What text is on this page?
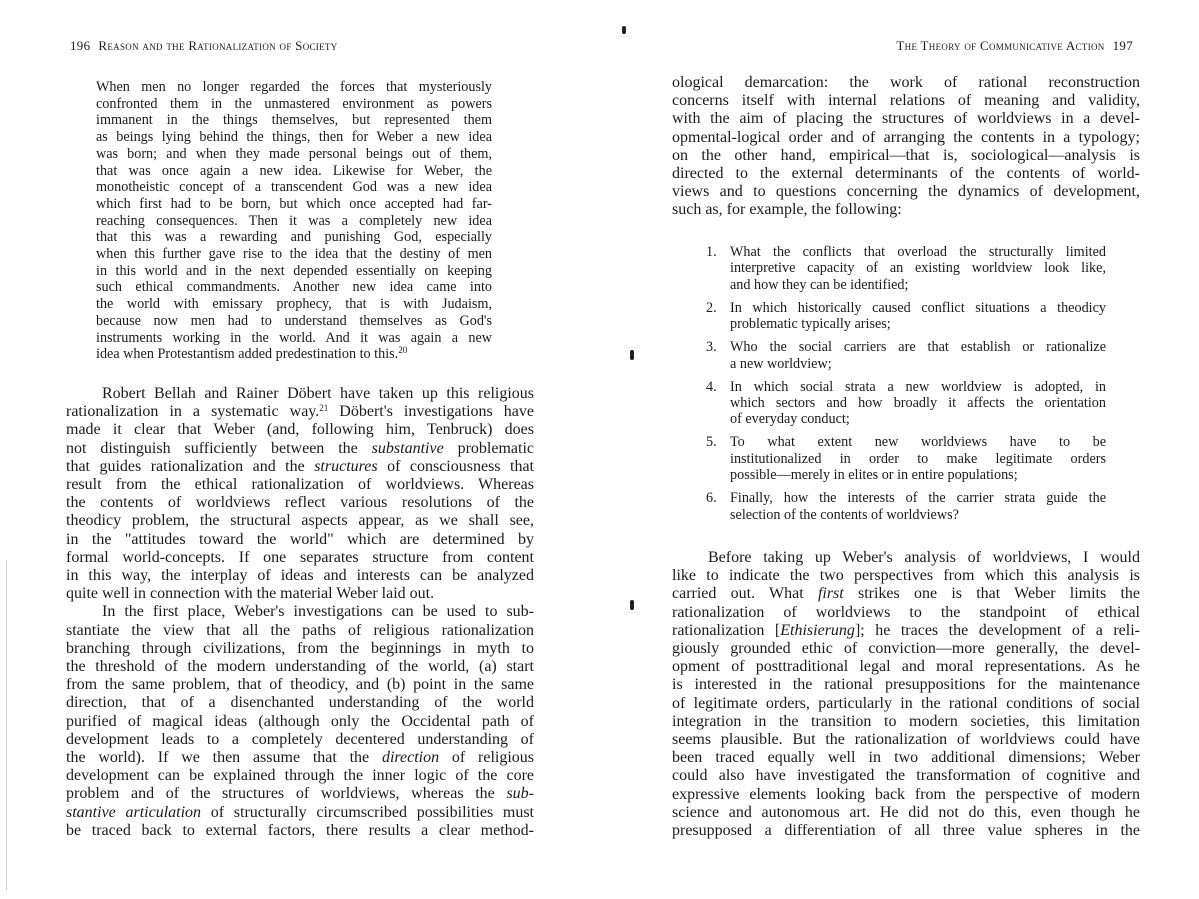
196 Reason and the Rationalization of Society
When men no longer regarded the forces that mysteriously
confronted them in the unmastered environment as powers
immanent in the things themselves, but represented them
as beings lying behind the things, then for Weber a new idea
was born; and when they made personal beings out of them,
that was once again a new idea. Likewise for Weber, the
monotheistic concept of a transcendent God was a new idea
which first had to be born, but which once accepted had far-
reaching consequences. Then it was a completely new idea
that this was a rewarding and punishing God, especially
when this further gave rise to the idea that the destiny of men
in this world and in the next depended essentially on keeping
such ethical commandments. Another new idea came into
the world with emissary prophecy, that is with Judaism,
because now men had to understand themselves as God's
instruments working in the world. And it was again a new
idea when Protestantism added predestination to this.$^{20}$
Robert Bellah and Rainer Döbert have taken up this religious
rationalization in a systematic way.$^{21}$ Döbert's investigations have
made it clear that Weber (and, following him, Tenbruck) does
not distinguish sufficiently between the substantive problematic
that guides rationalization and the structures of consciousness that
result from the ethical rationalization of worldviews. Whereas
the contents of worldviews reflect various resolutions of the
theodicy problem, the structural aspects appear, as we shall see,
in the "attitudes toward the world" which are determined by
formal world-concepts. If one separates structure from content
in this way, the interplay of ideas and interests can be analyzed
quite well in connection with the material Weber laid out.
In the first place, Weber's investigations can be used to sub-
stantiate the view that all the paths of religious rationalization
branching through civilizations, from the beginnings in myth to
the threshold of the modern understanding of the world, (a) start
from the same problem, that of theodicy, and (b) point in the same
direction, that of a disenchanted understanding of the world
purified of magical ideas (although only the Occidental path of
development leads to a completely decentered understanding of
the world). If we then assume that the direction of religious
development can be explained through the inner logic of the core
problem and of the structures of worldviews, whereas the sub-
stantive articulation of structurally circumscribed possibilities must
be traced back to external factors, there results a clear method-
The Theory of Communicative Action 197
ological demarcation: the work of rational reconstruction
concerns itself with internal relations of meaning and validity,
with the aim of placing the structures of worldviews in a devel-
opmental-logical order and of arranging the contents in a typology;
on the other hand, empirical—that is, sociological—analysis is
directed to the external determinants of the contents of world-
views and to questions concerning the dynamics of development,
such as, for example, the following:
1. What the conflicts that overload the structurally limited
interpretive capacity of an existing worldview look like,
and how they can be identified;
2. In which historically caused conflict situations a theodicy
problematic typically arises;
3. Who the social carriers are that establish or rationalize
a new worldview;
4. In which social strata a new worldview is adopted, in
which sectors and how broadly it affects the orientation
of everyday conduct;
5. To what extent new worldviews have to be
institutionalized in order to make legitimate orders
possible—merely in elites or in entire populations;
6. Finally, how the interests of the carrier strata guide the
selection of the contents of worldviews?
Before taking up Weber's analysis of worldviews, I would
like to indicate the two perspectives from which this analysis is
carried out. What first strikes one is that Weber limits the
rationalization of worldviews to the standpoint of ethical
rationalization [Ethisierung]; he traces the development of a reli-
giously grounded ethic of conviction—more generally, the devel-
opment of posttraditional legal and moral representations. As he
is interested in the rational presuppositions for the maintenance
of legitimate orders, particularly in the rational conditions of social
integration in the transition to modern societies, this limitation
seems plausible. But the rationalization of worldviews could have
been traced equally well in two additional dimensions; Weber
could also have investigated the transformation of cognitive and
expressive elements looking back from the perspective of modern
science and autonomous art. He did not do this, even though he
presupposed a differentiation of all three value spheres in the
